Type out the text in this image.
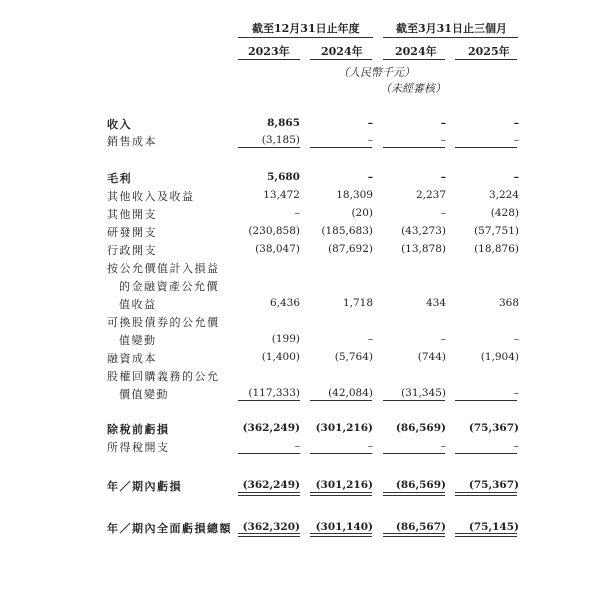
截至12月31日止年度	截至3月31日止三個月
2023年	2024年	2024年	2025年
（人民幣千元）
（未經審核）
收入	8,865	–	–	–
銷售成本	(3,185)	–	–	–
毛利	5,680	–	–	–
其他收入及收益	13,472	18,309	2,237	3,224
其他開支	–	(20)	–	(428)
研發開支	(230,858)	(185,683)	(43,273)	(57,751)
行政開支	(38,047)	(87,692)	(13,878)	(18,876)
按公允價值計入損益
的金融資產公允價
值收益	6,436	1,718	434	368
可換股債券的公允價
值變動	(199)	–	–	–
融資成本	(1,400)	(5,764)	(744)	(1,904)
股權回購義務的公允
價值變動	(117,333)	(42,084)	(31,345)	–
除稅前虧損	(362,249)	(301,216)	(86,569)	(75,367)
所得稅開支	–	–	–	–
年／期內虧損	(362,249)	(301,216)	(86,569)	(75,367)
年／期內全面虧損總額	(362,320)	(301,140)	(86,567)	(75,145)
